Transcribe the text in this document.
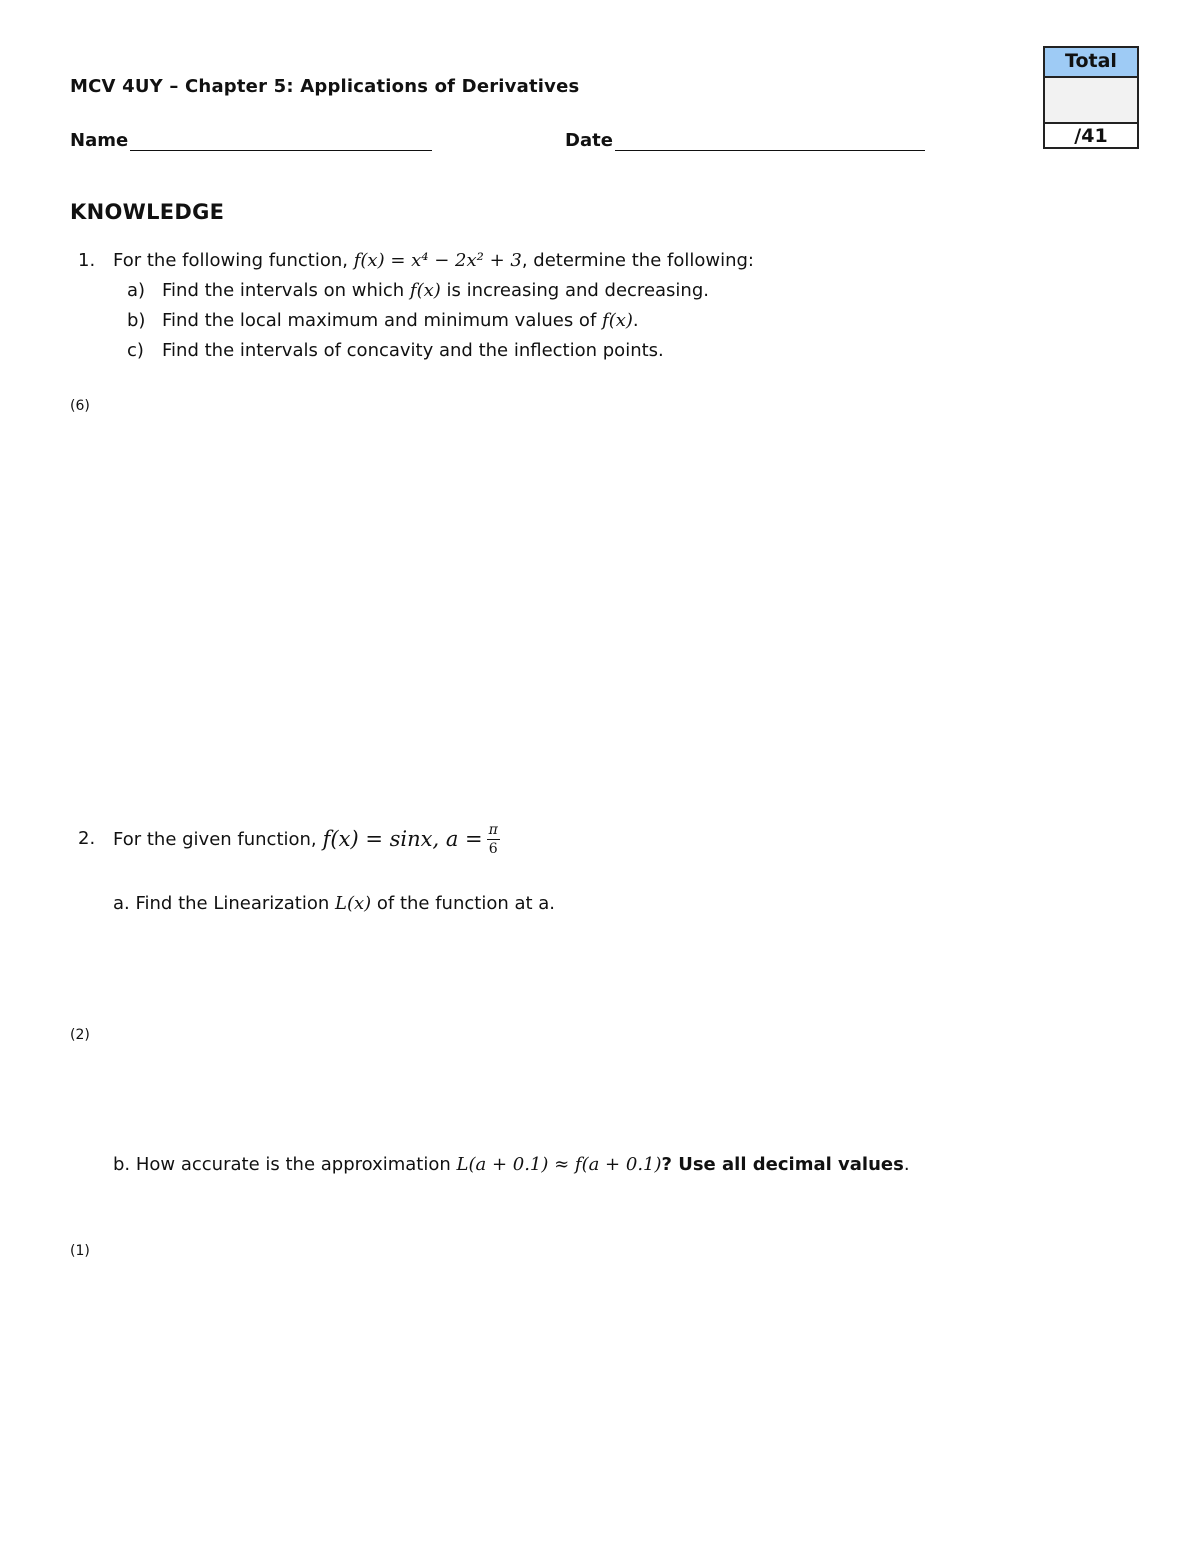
MCV 4UY – Chapter 5: Applications of Derivatives
Name	Date
Total
/41
KNOWLEDGE
1. For the following function, f(x) = x⁴ − 2x² + 3, determine the following:
a) Find the intervals on which f(x) is increasing and decreasing.
b) Find the local maximum and minimum values of f(x).
c) Find the intervals of concavity and the inflection points.
(6)
2. For the given function, f(x) = sinx, $a = \frac{\pi}{6}$
a. Find the Linearization L(x) of the function at a.
(2)
b. How accurate is the approximation L(a + 0.1) ≈ f(a + 0.1)? Use all decimal values.
(1)
